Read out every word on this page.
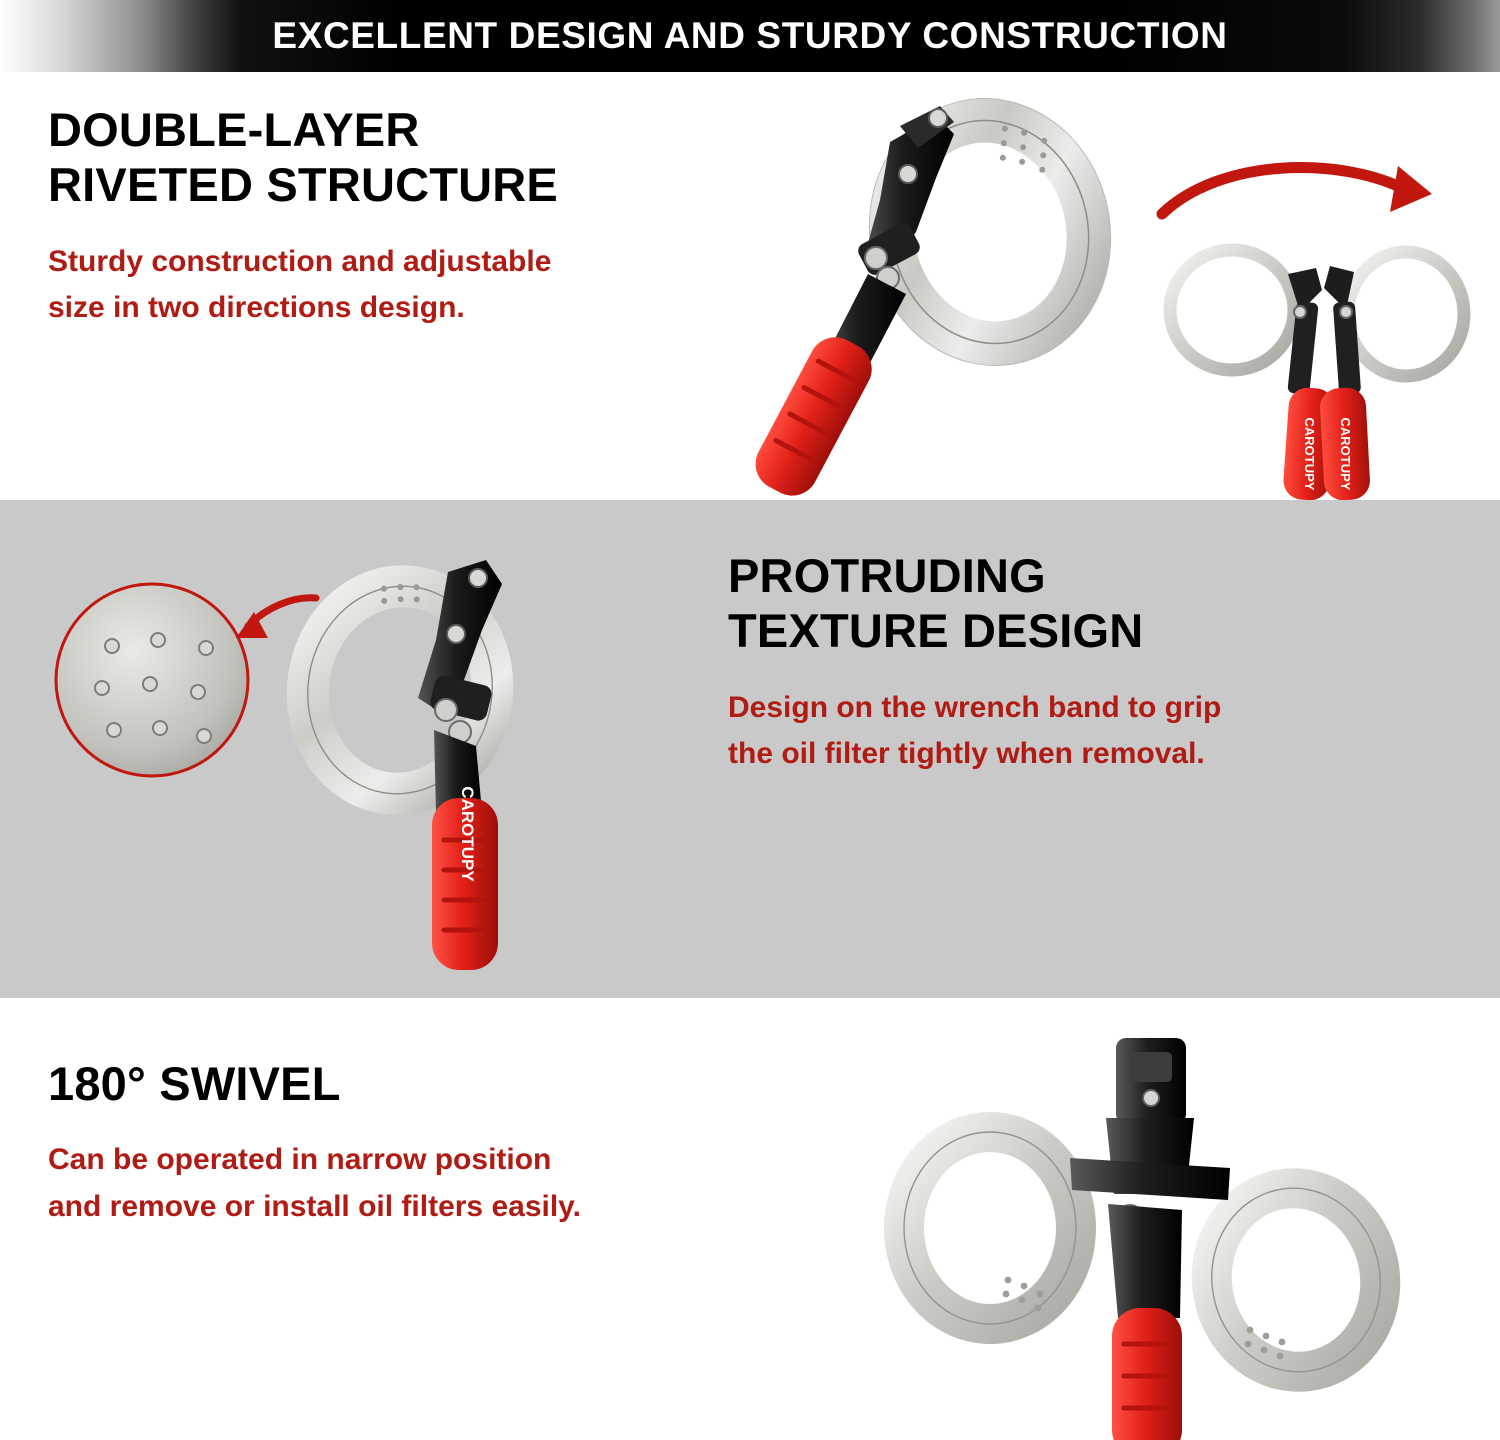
EXCELLENT DESIGN AND STURDY CONSTRUCTION
DOUBLE-LAYER
RIVETED STRUCTURE
Sturdy construction and adjustable
size in two directions design.
CAROTUPY CAROTUPY
PROTRUDING
TEXTURE DESIGN
Design on the wrench band to grip
the oil filter tightly when removal.
CAROTUPY
180° SWIVEL
Can be operated in narrow position
and remove or install oil filters easily.
